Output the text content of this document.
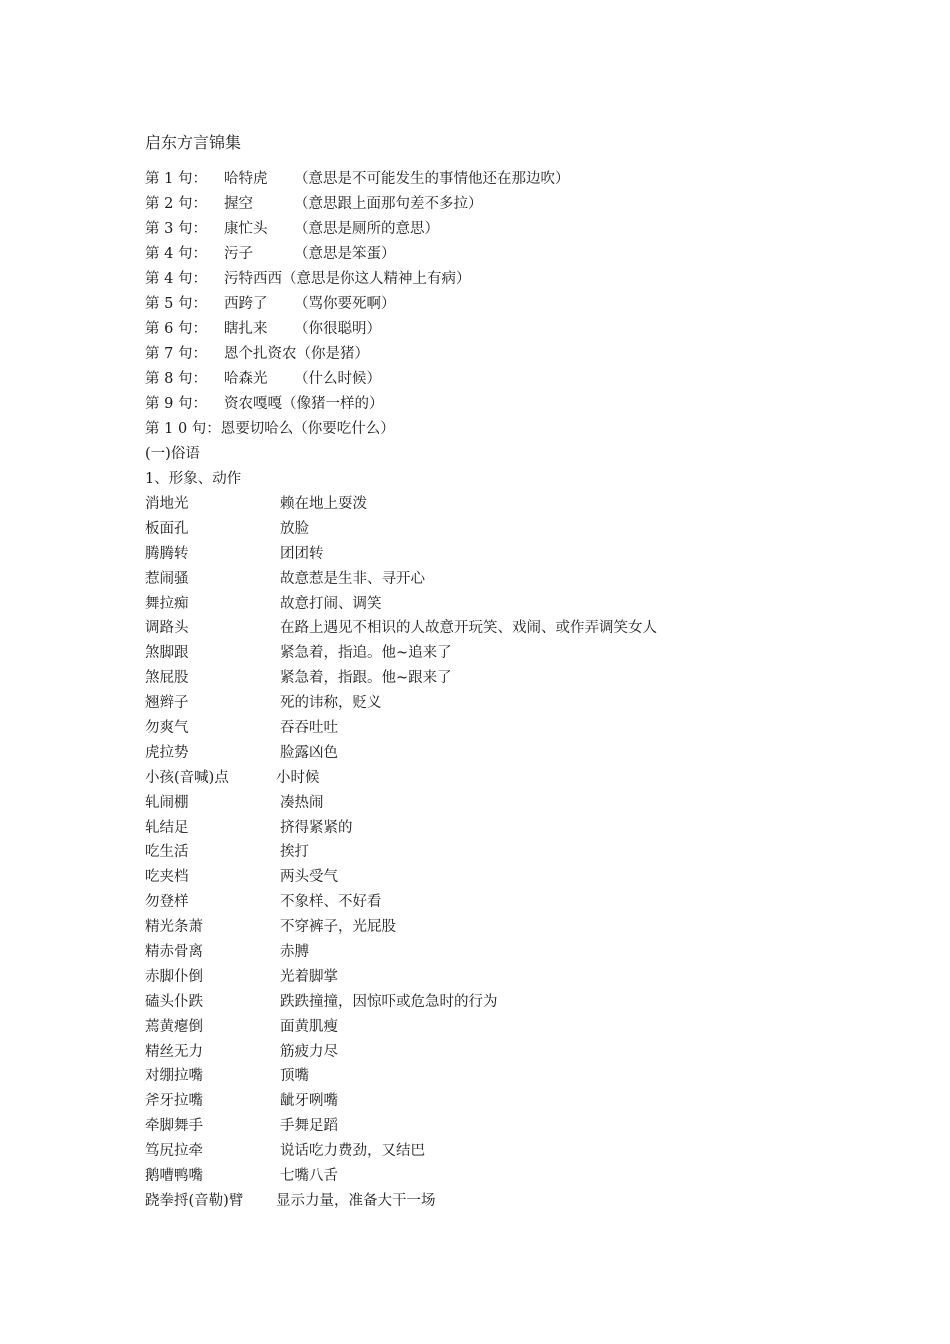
启东方言锦集
第 1 句： 哈特虎 （意思是不可能发生的事情他还在那边吹）
第 2 句： 握空	（意思跟上面那句差不多拉）
第 3 句： 康忙头 （意思是厕所的意思）
第 4 句： 污子	（意思是笨蛋）
第 4 句： 污特西西（意思是你这人精神上有病）
第 5 句： 西跨了 （骂你要死啊）
第 6 句： 瞎扎来 （你很聪明）
第 7 句： 恩个扎资农（你是猪）
第 8 句： 哈森光 （什么时候）
第 9 句： 资农嘎嘎（像猪一样的）
第 1 0 句：恩要切哈么（你要吃什么）
(一)俗语
1、形象、动作
消地光	赖在地上耍泼
板面孔	放脸
腾腾转	团团转
惹闹骚	故意惹是生非、寻开心
舞拉痴	故意打闹、调笑
调路头	在路上遇见不相识的人故意开玩笑、戏闹、或作弄调笑女人
煞脚跟	紧急着，指追。他~追来了
煞屁股	紧急着，指跟。他~跟来了
翘辫子	死的讳称，贬义
勿爽气	吞吞吐吐
虎拉势	脸露凶色
小孩(音喊)点	小时候
轧闹棚	凑热闹
轧结足	挤得紧紧的
吃生活	挨打
吃夹档	两头受气
勿登样	不象样、不好看
精光条萧	不穿裤子，光屁股
精赤骨离	赤膊
赤脚仆倒	光着脚掌
磕头仆跌	跌跌撞撞，因惊吓或危急时的行为
蔫黄瘪倒	面黄肌瘦
精丝无力	筋疲力尽
对绷拉嘴	顶嘴
斧牙拉嘴	龇牙咧嘴
牵脚舞手	手舞足蹈
笃尻拉牵	说话吃力费劲，又结巴
鹅嘈鸭嘴	七嘴八舌
跷拳捋(音勒)臂 显示力量，准备大干一场
